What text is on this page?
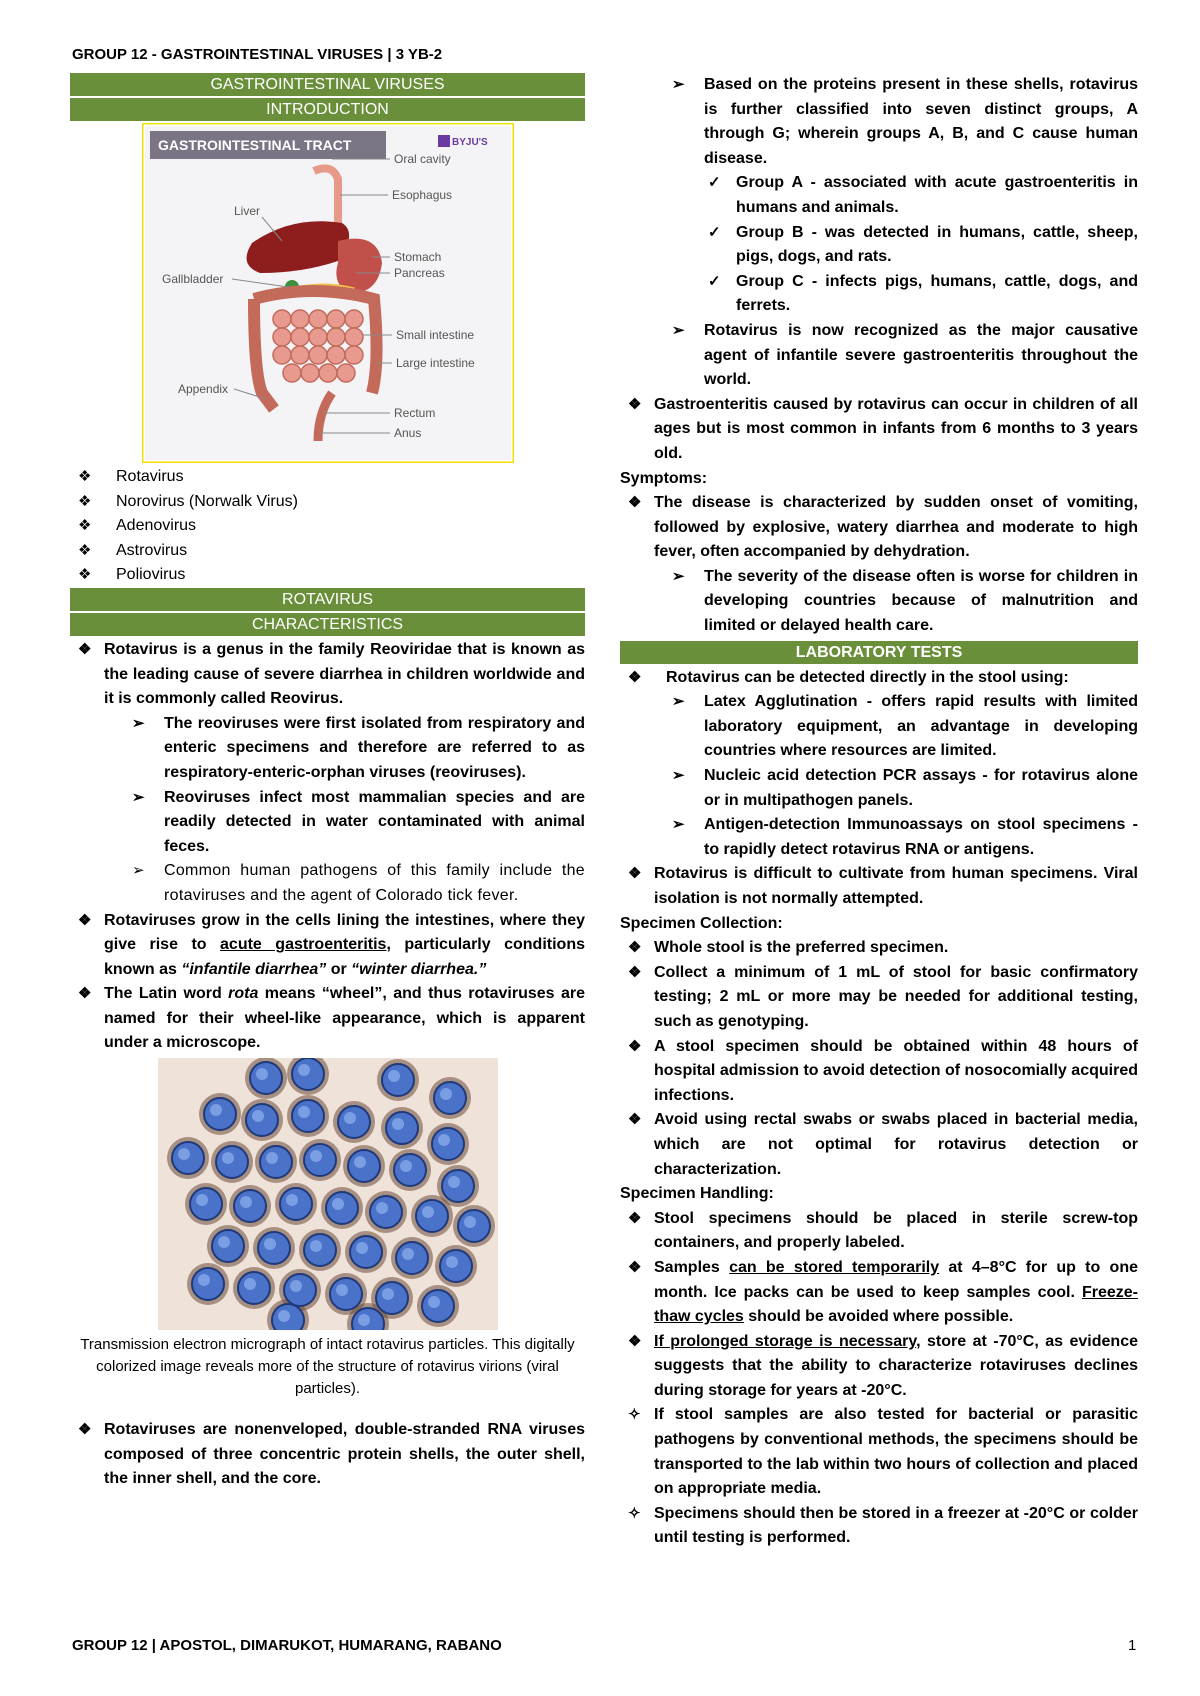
GROUP 12 - GASTROINTESTINAL VIRUSES | 3 YB-2
GASTROINTESTINAL VIRUSES
INTRODUCTION
GASTROINTESTINAL TRACT	BYJU'S
Oral cavity
Esophagus
Liver
Stomach
Pancreas
Gallbladder
Small intestine
Large intestine
Appendix
Rectum
Anus
❖ Rotavirus
❖ Norovirus (Norwalk Virus)
❖ Adenovirus
❖ Astrovirus
❖ Poliovirus
ROTAVIRUS
CHARACTERISTICS
❖ Rotavirus is a genus in the family Reoviridae that is known as the leading cause of severe diarrhea in children worldwide and it is commonly called Reovirus.
➢ The reoviruses were first isolated from respiratory and enteric specimens and therefore are referred to as respiratory-enteric-orphan viruses (reoviruses).
➢ Reoviruses infect most mammalian species and are readily detected in water contaminated with animal feces.
➢ Common human pathogens of this family include the rotaviruses and the agent of Colorado tick fever.
❖ Rotaviruses grow in the cells lining the intestines, where they give rise to acute gastroenteritis, particularly conditions known as “infantile diarrhea” or “winter diarrhea.”
❖ The Latin word rota means “wheel”, and thus rotaviruses are named for their wheel-like appearance, which is apparent under a microscope.
Transmission electron micrograph of intact rotavirus particles. This digitally colorized image reveals more of the structure of rotavirus virions (viral particles).
❖ Rotaviruses are nonenveloped, double-stranded RNA viruses composed of three concentric protein shells, the outer shell, the inner shell, and the core.
➢ Based on the proteins present in these shells, rotavirus is further classified into seven distinct groups, A through G; wherein groups A, B, and C cause human disease.
✓ Group A - associated with acute gastroenteritis in humans and animals.
✓ Group B - was detected in humans, cattle, sheep, pigs, dogs, and rats.
✓ Group C - infects pigs, humans, cattle, dogs, and ferrets.
➢ Rotavirus is now recognized as the major causative agent of infantile severe gastroenteritis throughout the world.
❖ Gastroenteritis caused by rotavirus can occur in children of all ages but is most common in infants from 6 months to 3 years old.
Symptoms:
❖ The disease is characterized by sudden onset of vomiting, followed by explosive, watery diarrhea and moderate to high fever, often accompanied by dehydration.
➢ The severity of the disease often is worse for children in developing countries because of malnutrition and limited or delayed health care.
LABORATORY TESTS
❖ Rotavirus can be detected directly in the stool using:
➢ Latex Agglutination - offers rapid results with limited laboratory equipment, an advantage in developing countries where resources are limited.
➢ Nucleic acid detection PCR assays - for rotavirus alone or in multipathogen panels.
➢ Antigen-detection Immunoassays on stool specimens - to rapidly detect rotavirus RNA or antigens.
❖ Rotavirus is difficult to cultivate from human specimens. Viral isolation is not normally attempted.
Specimen Collection:
❖ Whole stool is the preferred specimen.
❖ Collect a minimum of 1 mL of stool for basic confirmatory testing; 2 mL or more may be needed for additional testing, such as genotyping.
❖ A stool specimen should be obtained within 48 hours of hospital admission to avoid detection of nosocomially acquired infections.
❖ Avoid using rectal swabs or swabs placed in bacterial media, which are not optimal for rotavirus detection or characterization.
Specimen Handling:
❖ Stool specimens should be placed in sterile screw-top containers, and properly labeled.
❖ Samples can be stored temporarily at 4–8°C for up to one month. Ice packs can be used to keep samples cool. Freeze-thaw cycles should be avoided where possible.
❖ If prolonged storage is necessary, store at -70°C, as evidence suggests that the ability to characterize rotaviruses declines during storage for years at -20°C.
✧ If stool samples are also tested for bacterial or parasitic pathogens by conventional methods, the specimens should be transported to the lab within two hours of collection and placed on appropriate media.
✧ Specimens should then be stored in a freezer at -20°C or colder until testing is performed.
GROUP 12 | APOSTOL, DIMARUKOT, HUMARANG, RABANO	1
